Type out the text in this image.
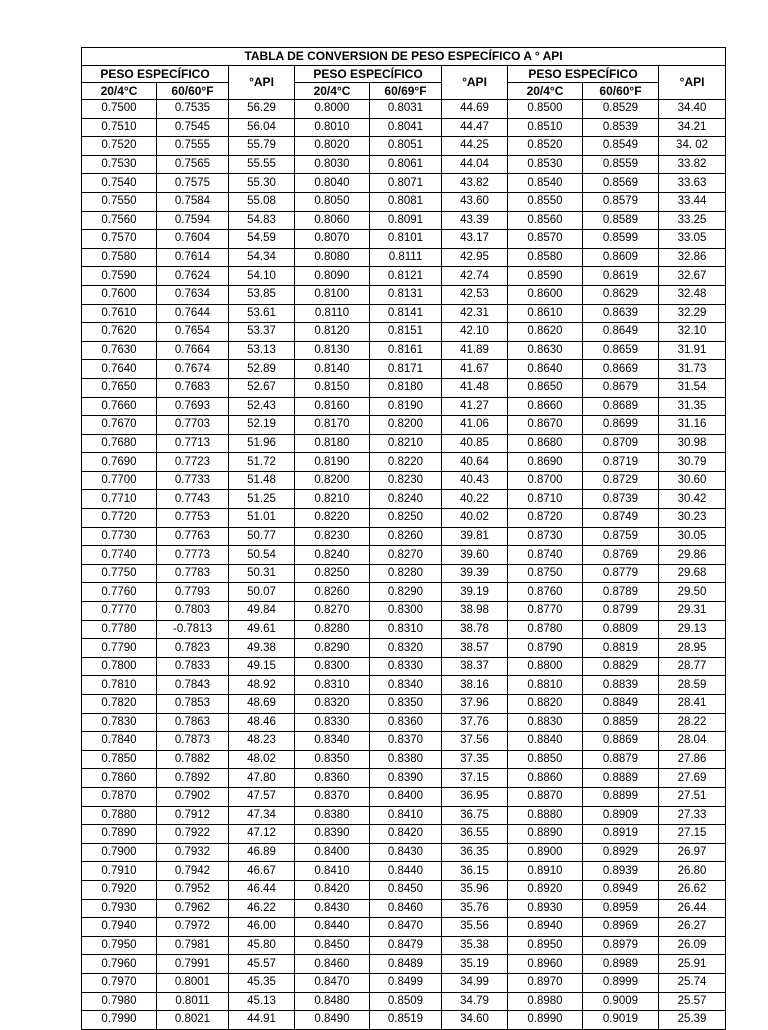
TABLA DE CONVERSION DE PESO ESPECÍFICO A ° API								
PESO ESPECÍFICO		°API	PESO ESPECÍFICO		°API	PESO ESPECÍFICO		°API
20/4°C	60/60°F		20/4°C	60/69°F		20/4°C	60/60°F	
0.7500	0.7535	56.29	0.8000	0.8031	44.69	0.8500	0.8529	34.40
0.7510	0.7545	56.04	0.8010	0.8041	44.47	0.8510	0.8539	34.21
0.7520	0.7555	55.79	0.8020	0.8051	44.25	0.8520	0.8549	34. 02
0.7530	0.7565	55.55	0.8030	0.8061	44.04	0.8530	0.8559	33.82
0.7540	0.7575	55.30	0.8040	0.8071	43.82	0.8540	0.8569	33.63
0.7550	0.7584	55.08	0.8050	0.8081	43.60	0.8550	0.8579	33.44
0.7560	0.7594	54.83	0.8060	0.8091	43.39	0.8560	0.8589	33.25
0.7570	0.7604	54.59	0.8070	0.8101	43.17	0.8570	0.8599	33.05
0.7580	0.7614	54.34	0.8080	0.8111	42.95	0.8580	0.8609	32.86
0.7590	0.7624	54.10	0.8090	0.8121	42.74	0.8590	0.8619	32.67
0.7600	0.7634	53.85	0.8100	0.8131	42.53	0.8600	0.8629	32.48
0.7610	0.7644	53.61	0.8110	0.8141	42.31	0.8610	0.8639	32.29
0.7620	0.7654	53.37	0.8120	0.8151	42.10	0.8620	0.8649	32.10
0.7630	0.7664	53.13	0.8130	0.8161	41.89	0.8630	0.8659	31.91
0.7640	0.7674	52.89	0.8140	0.8171	41.67	0.8640	0.8669	31.73
0.7650	0.7683	52.67	0.8150	0.8180	41.48	0.8650	0.8679	31.54
0.7660	0.7693	52.43	0.8160	0.8190	41.27	0.8660	0.8689	31.35
0.7670	0.7703	52.19	0.8170	0.8200	41.06	0.8670	0.8699	31.16
0.7680	0.7713	51.96	0.8180	0.8210	40.85	0.8680	0.8709	30.98
0.7690	0.7723	51.72	0.8190	0.8220	40.64	0.8690	0.8719	30.79
0.7700	0.7733	51.48	0.8200	0.8230	40.43	0.8700	0.8729	30.60
0.7710	0.7743	51.25	0.8210	0.8240	40.22	0.8710	0.8739	30.42
0.7720	0.7753	51.01	0.8220	0.8250	40.02	0.8720	0.8749	30.23
0.7730	0.7763	50.77	0.8230	0.8260	39.81	0.8730	0.8759	30.05
0.7740	0.7773	50.54	0.8240	0.8270	39.60	0.8740	0.8769	29.86
0.7750	0.7783	50.31	0.8250	0.8280	39.39	0.8750	0.8779	29.68
0.7760	0.7793	50.07	0.8260	0.8290	39.19	0.8760	0.8789	29.50
0.7770	0.7803	49.84	0.8270	0.8300	38.98	0.8770	0.8799	29.31
0.7780	-0.7813	49.61	0.8280	0.8310	38.78	0.8780	0.8809	29.13
0.7790	0.7823	49.38	0.8290	0.8320	38.57	0.8790	0.8819	28.95
0.7800	0.7833	49.15	0.8300	0.8330	38.37	0.8800	0.8829	28.77
0.7810	0.7843	48.92	0.8310	0.8340	38.16	0.8810	0.8839	28.59
0.7820	0.7853	48.69	0.8320	0.8350	37.96	0.8820	0.8849	28.41
0.7830	0.7863	48.46	0.8330	0.8360	37.76	0.8830	0.8859	28.22
0.7840	0.7873	48.23	0.8340	0.8370	37.56	0.8840	0.8869	28.04
0.7850	0.7882	48.02	0.8350	0.8380	37.35	0.8850	0.8879	27.86
0.7860	0.7892	47.80	0.8360	0.8390	37.15	0.8860	0.8889	27.69
0.7870	0.7902	47.57	0.8370	0.8400	36.95	0.8870	0.8899	27.51
0.7880	0.7912	47.34	0.8380	0.8410	36.75	0.8880	0.8909	27.33
0.7890	0.7922	47.12	0.8390	0.8420	36.55	0.8890	0.8919	27.15
0.7900	0.7932	46.89	0.8400	0.8430	36.35	0.8900	0.8929	26.97
0.7910	0.7942	46.67	0.8410	0.8440	36.15	0.8910	0.8939	26.80
0.7920	0.7952	46.44	0.8420	0.8450	35.96	0.8920	0.8949	26.62
0.7930	0.7962	46.22	0.8430	0.8460	35.76	0.8930	0.8959	26.44
0.7940	0.7972	46.00	0.8440	0.8470	35.56	0.8940	0.8969	26.27
0.7950	0.7981	45.80	0.8450	0.8479	35.38	0.8950	0.8979	26.09
0.7960	0.7991	45.57	0.8460	0.8489	35.19	0.8960	0.8989	25.91
0.7970	0.8001	45.35	0.8470	0.8499	34.99	0.8970	0.8999	25.74
0.7980	0.8011	45.13	0.8480	0.8509	34.79	0.8980	0.9009	25.57
0.7990	0.8021	44.91	0.8490	0.8519	34.60	0.8990	0.9019	25.39
